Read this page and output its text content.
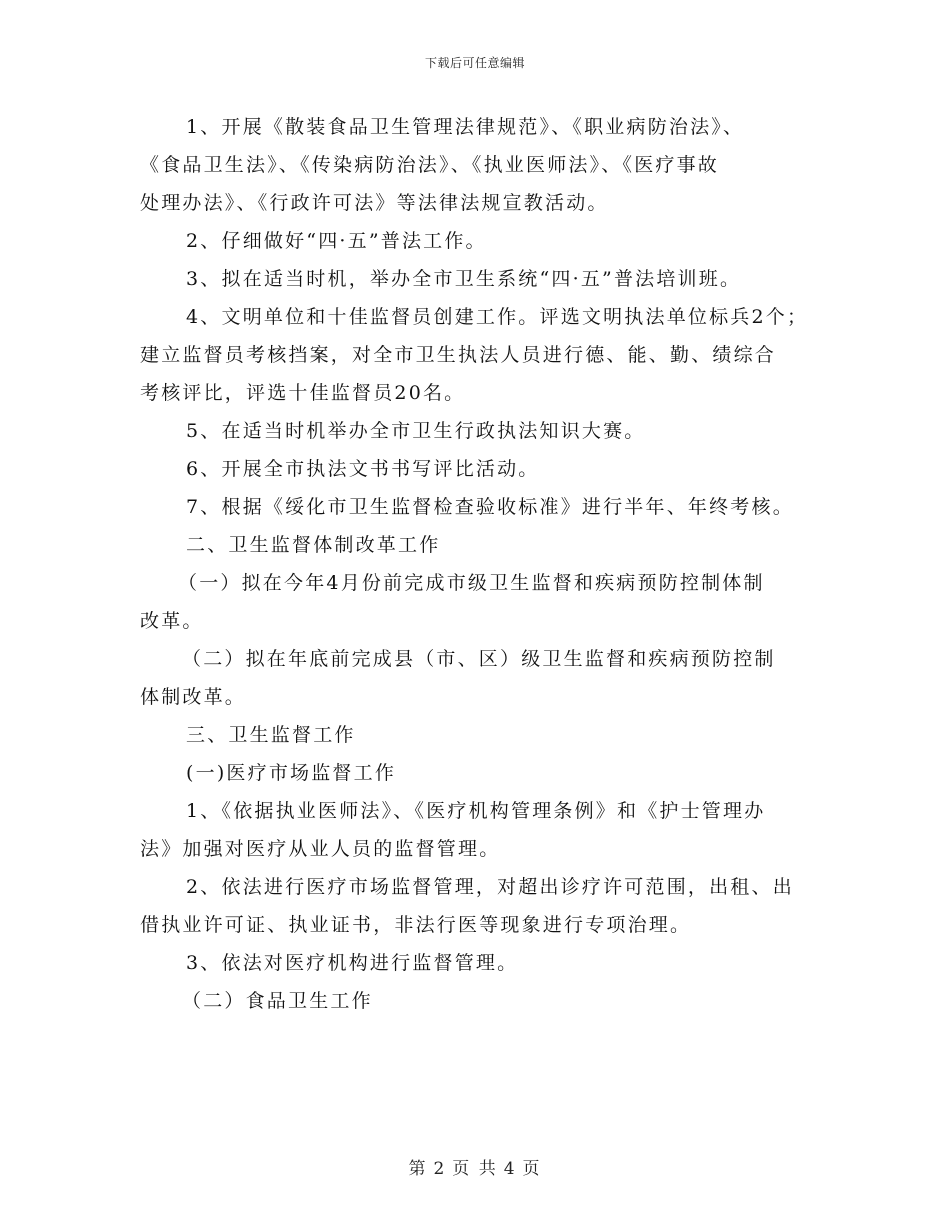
下载后可任意编辑
1、开展《散装食品卫生管理法律规范》、《职业病防治法》、
《食品卫生法》、《传染病防治法》、《执业医师法》、《医疗事故
处理办法》、《行政许可法》等法律法规宣教活动。
2、仔细做好“四·五”普法工作。
3、拟在适当时机，举办全市卫生系统“四·五”普法培训班。
4、文明单位和十佳监督员创建工作。评选文明执法单位标兵2个；
建立监督员考核挡案，对全市卫生执法人员进行德、能、勤、绩综合
考核评比，评选十佳监督员20名。
5、在适当时机举办全市卫生行政执法知识大赛。
6、开展全市执法文书书写评比活动。
7、根据《绥化市卫生监督检查验收标准》进行半年、年终考核。
二、卫生监督体制改革工作
（一）拟在今年4月份前完成市级卫生监督和疾病预防控制体制
改革。
（二）拟在年底前完成县（市、区）级卫生监督和疾病预防控制
体制改革。
三、卫生监督工作
(一)医疗市场监督工作
1、《依据执业医师法》、《医疗机构管理条例》和《护士管理办
法》加强对医疗从业人员的监督管理。
2、依法进行医疗市场监督管理，对超出诊疗许可范围，出租、出
借执业许可证、执业证书，非法行医等现象进行专项治理。
3、依法对医疗机构进行监督管理。
（二）食品卫生工作
第 2 页 共 4 页
